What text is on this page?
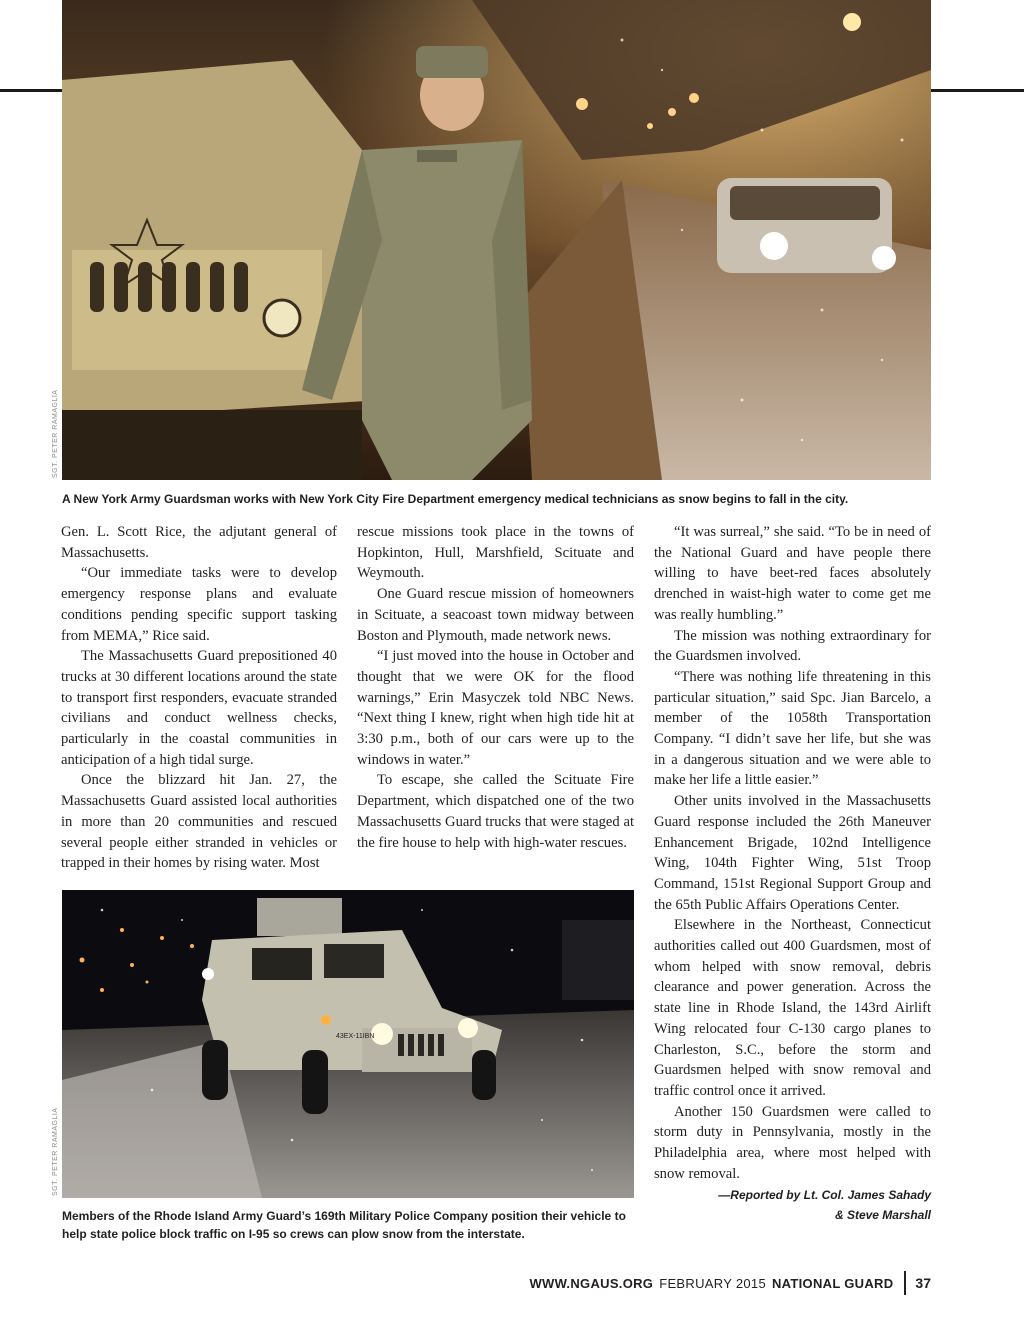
SGT. PETER RAMAGLIA
A New York Army Guardsman works with New York City Fire Department emergency medical technicians as snow begins to fall in the city.

Gen. L. Scott Rice, the adjutant general of Massachusetts.

“Our immediate tasks were to develop emergency response plans and evaluate conditions pending specific support tasking from MEMA,” Rice said.

The Massachusetts Guard prepositioned 40 trucks at 30 different locations around the state to transport first responders, evacuate stranded civilians and conduct wellness checks, particularly in the coastal communities in anticipation of a high tidal surge.

Once the blizzard hit Jan. 27, the Massachusetts Guard assisted local authorities in more than 20 communities and rescued several people either stranded in vehicles or trapped in their homes by rising water. Most

rescue missions took place in the towns of Hopkinton, Hull, Marshfield, Scituate and Weymouth.

One Guard rescue mission of homeowners in Scituate, a seacoast town midway between Boston and Plymouth, made network news.

“I just moved into the house in October and thought that we were OK for the flood warnings,” Erin Masyczek told NBC News. “Next thing I knew, right when high tide hit at 3:30 p.m., both of our cars were up to the windows in water.”

To escape, she called the Scituate Fire Department, which dispatched one of the two Massachusetts Guard trucks that were staged at the fire house to help with high-water rescues.

“It was surreal,” she said. “To be in need of the National Guard and have people there willing to have beet-red faces absolutely drenched in waist-high water to come get me was really humbling.”

The mission was nothing extraordinary for the Guardsmen involved.

“There was nothing life threatening in this particular situation,” said Spc. Jian Barcelo, a member of the 1058th Transportation Company. “I didn’t save her life, but she was in a dangerous situation and we were able to make her life a little easier.”

Other units involved in the Massachusetts Guard response included the 26th Maneuver Enhancement Brigade, 102nd Intelligence Wing, 104th Fighter Wing, 51st Troop Command, 151st Regional Support Group and the 65th Public Affairs Operations Center.

Elsewhere in the Northeast, Connecticut authorities called out 400 Guardsmen, most of whom helped with snow removal, debris clearance and power generation. Across the state line in Rhode Island, the 143rd Airlift Wing relocated four C-130 cargo planes to Charleston, S.C., before the storm and Guardsmen helped with snow removal and traffic control once it arrived.

Another 150 Guardsmen were called to storm duty in Pennsylvania, mostly in the Philadelphia area, where most helped with snow removal.

—Reported by Lt. Col. James Sahady
& Steve Marshall
43EX-11IBN
SGT. PETER RAMAGLIA
Members of the Rhode Island Army Guard’s 169th Military Police Company position their vehicle to help state police block traffic on I-95 so crews can plow snow from the interstate.
WWW.NGAUS.ORG FEBRUARY 2015 NATIONAL GUARD 37
